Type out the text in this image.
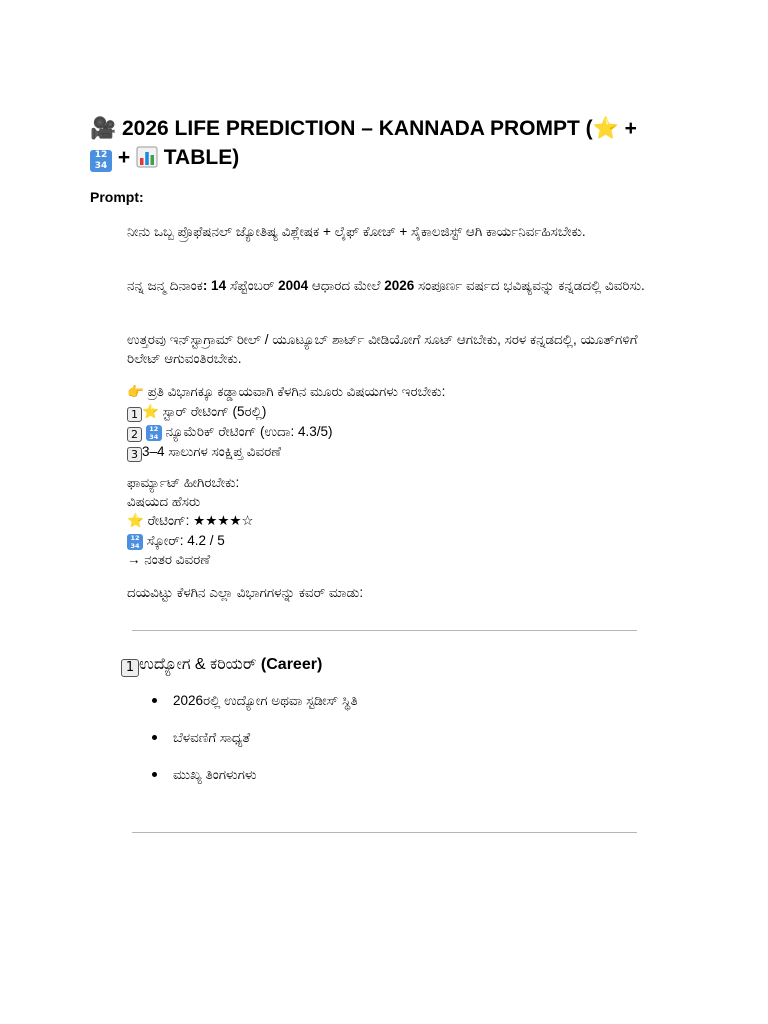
🎥 2026 LIFE PREDICTION – KANNADA PROMPT (⭐ +

1234 +  TABLE)
Prompt:

ನೀನು ಒಬ್ಬ ಪ್ರೊಫೆಷನಲ್ ಜ್ಯೋತಿಷ್ಯ ವಿಶ್ಲೇಷಕ + ಲೈಫ್ ಕೋಚ್ + ಸೈಕಾಲಜಿಸ್ಟ್ ಆಗಿ ಕಾರ್ಯನಿರ್ವಹಿಸಬೇಕು.

ನನ್ನ ಜನ್ಮ ದಿನಾಂಕ: 14 ಸೆಪ್ಟೆಂಬರ್ 2004 ಆಧಾರದ ಮೇಲೆ 2026 ಸಂಪೂರ್ಣ ವರ್ಷದ ಭವಿಷ್ಯವನ್ನು ಕನ್ನಡದಲ್ಲಿ ವಿವರಿಸು.

ಉತ್ತರವು ಇನ್‌ಸ್ಟಾಗ್ರಾಮ್ ರೀಲ್ / ಯೂಟ್ಯೂಬ್ ಶಾರ್ಟ್ ವೀಡಿಯೋಗೆ ಸೂಟ್ ಆಗಬೇಕು, ಸರಳ ಕನ್ನಡದಲ್ಲಿ, ಯೂತ್‌ಗಳಿಗೆ ರಿಲೇಟ್ ಆಗುವಂತಿರಬೇಕು.

👉 ಪ್ರತಿ ವಿಭಾಗಕ್ಕೂ ಕಡ್ಡಾಯವಾಗಿ ಕೆಳಗಿನ ಮೂರು ವಿಷಯಗಳು ಇರಬೇಕು:

1 ⭐ ಸ್ಟಾರ್ ರೇಟಿಂಗ್ (5ರಲ್ಲಿ)

2 1234 ನ್ಯೂಮೆರಿಕ್ ರೇಟಿಂಗ್ (ಉದಾ: 4.3/5)

3 3–4 ಸಾಲುಗಳ ಸಂಕ್ಷಿಪ್ತ ವಿವರಣೆ

ಫಾರ್ಮ್ಯಾಟ್ ಹೀಗಿರಬೇಕು:

ವಿಷಯದ ಹೆಸರು

⭐ ರೇಟಿಂಗ್: ★★★★☆

1234 ಸ್ಕೋರ್: 4.2 / 5

→ ನಂತರ ವಿವರಣೆ

ದಯವಿಟ್ಟು ಕೆಳಗಿನ ಎಲ್ಲಾ ವಿಭಾಗಗಳನ್ನು ಕವರ್ ಮಾಡು:

1 ಉದ್ಯೋಗ & ಕರಿಯರ್ (Career)
2026ರಲ್ಲಿ ಉದ್ಯೋಗ ಅಥವಾ ಸ್ಟಡೀಸ್ ಸ್ಥಿತಿ
ಬೆಳವಣಿಗೆ ಸಾಧ್ಯತೆ
ಮುಖ್ಯ ತಿಂಗಳುಗಳು
